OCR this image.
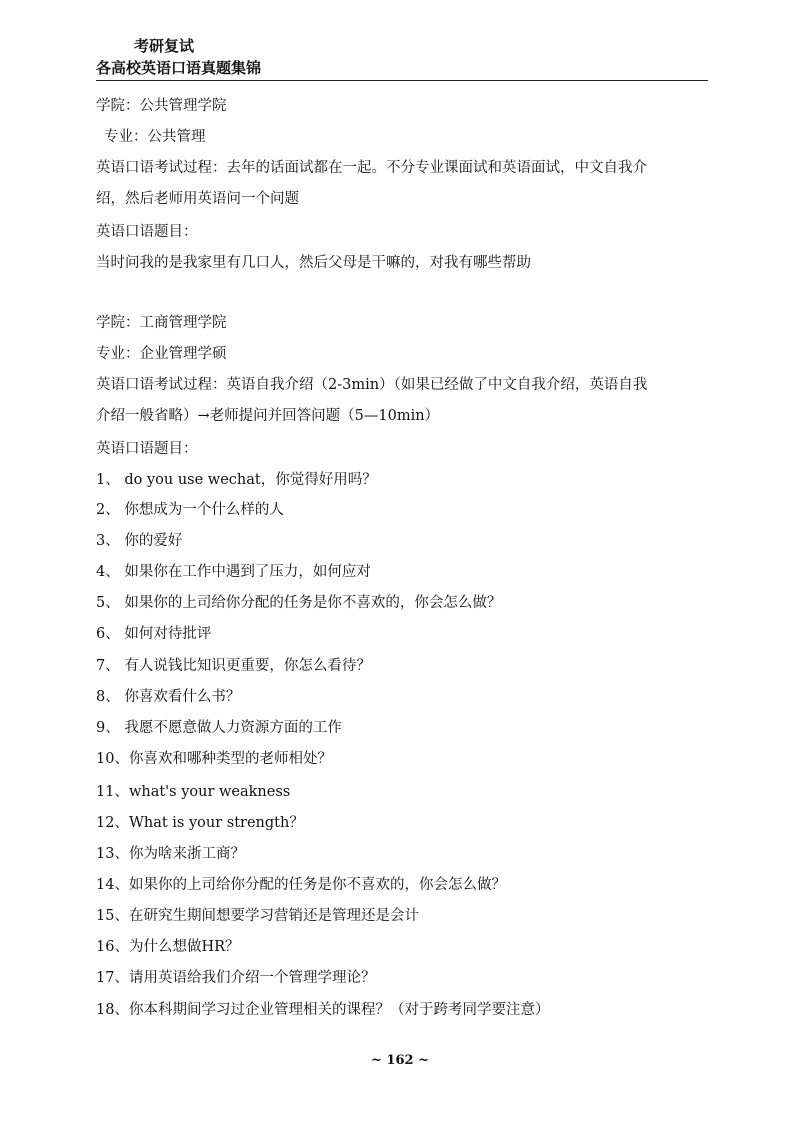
考研复试
各高校英语口语真题集锦
学院：公共管理学院
专业：公共管理
英语口语考试过程：去年的话面试都在一起。不分专业课面试和英语面试，中文自我介
绍，然后老师用英语问一个问题
英语口语题目：
当时问我的是我家里有几口人，然后父母是干嘛的，对我有哪些帮助
学院：工商管理学院
专业：企业管理学硕
英语口语考试过程：英语自我介绍（2-3min）（如果已经做了中文自我介绍，英语自我
介绍一般省略）→老师提问并回答问题（5—10min）
英语口语题目：
1、 do you use wechat，你觉得好用吗？
2、 你想成为一个什么样的人
3、 你的爱好
4、 如果你在工作中遇到了压力，如何应对
5、 如果你的上司给你分配的任务是你不喜欢的，你会怎么做？
6、 如何对待批评
7、 有人说钱比知识更重要，你怎么看待？
8、 你喜欢看什么书？
9、 我愿不愿意做人力资源方面的工作
10、你喜欢和哪种类型的老师相处？
11、what's your weakness
12、What is your strength？
13、你为啥来浙工商？
14、如果你的上司给你分配的任务是你不喜欢的，你会怎么做？
15、在研究生期间想要学习营销还是管理还是会计
16、为什么想做HR？
17、请用英语给我们介绍一个管理学理论？
18、你本科期间学习过企业管理相关的课程？（对于跨考同学要注意）
~ 162 ~
